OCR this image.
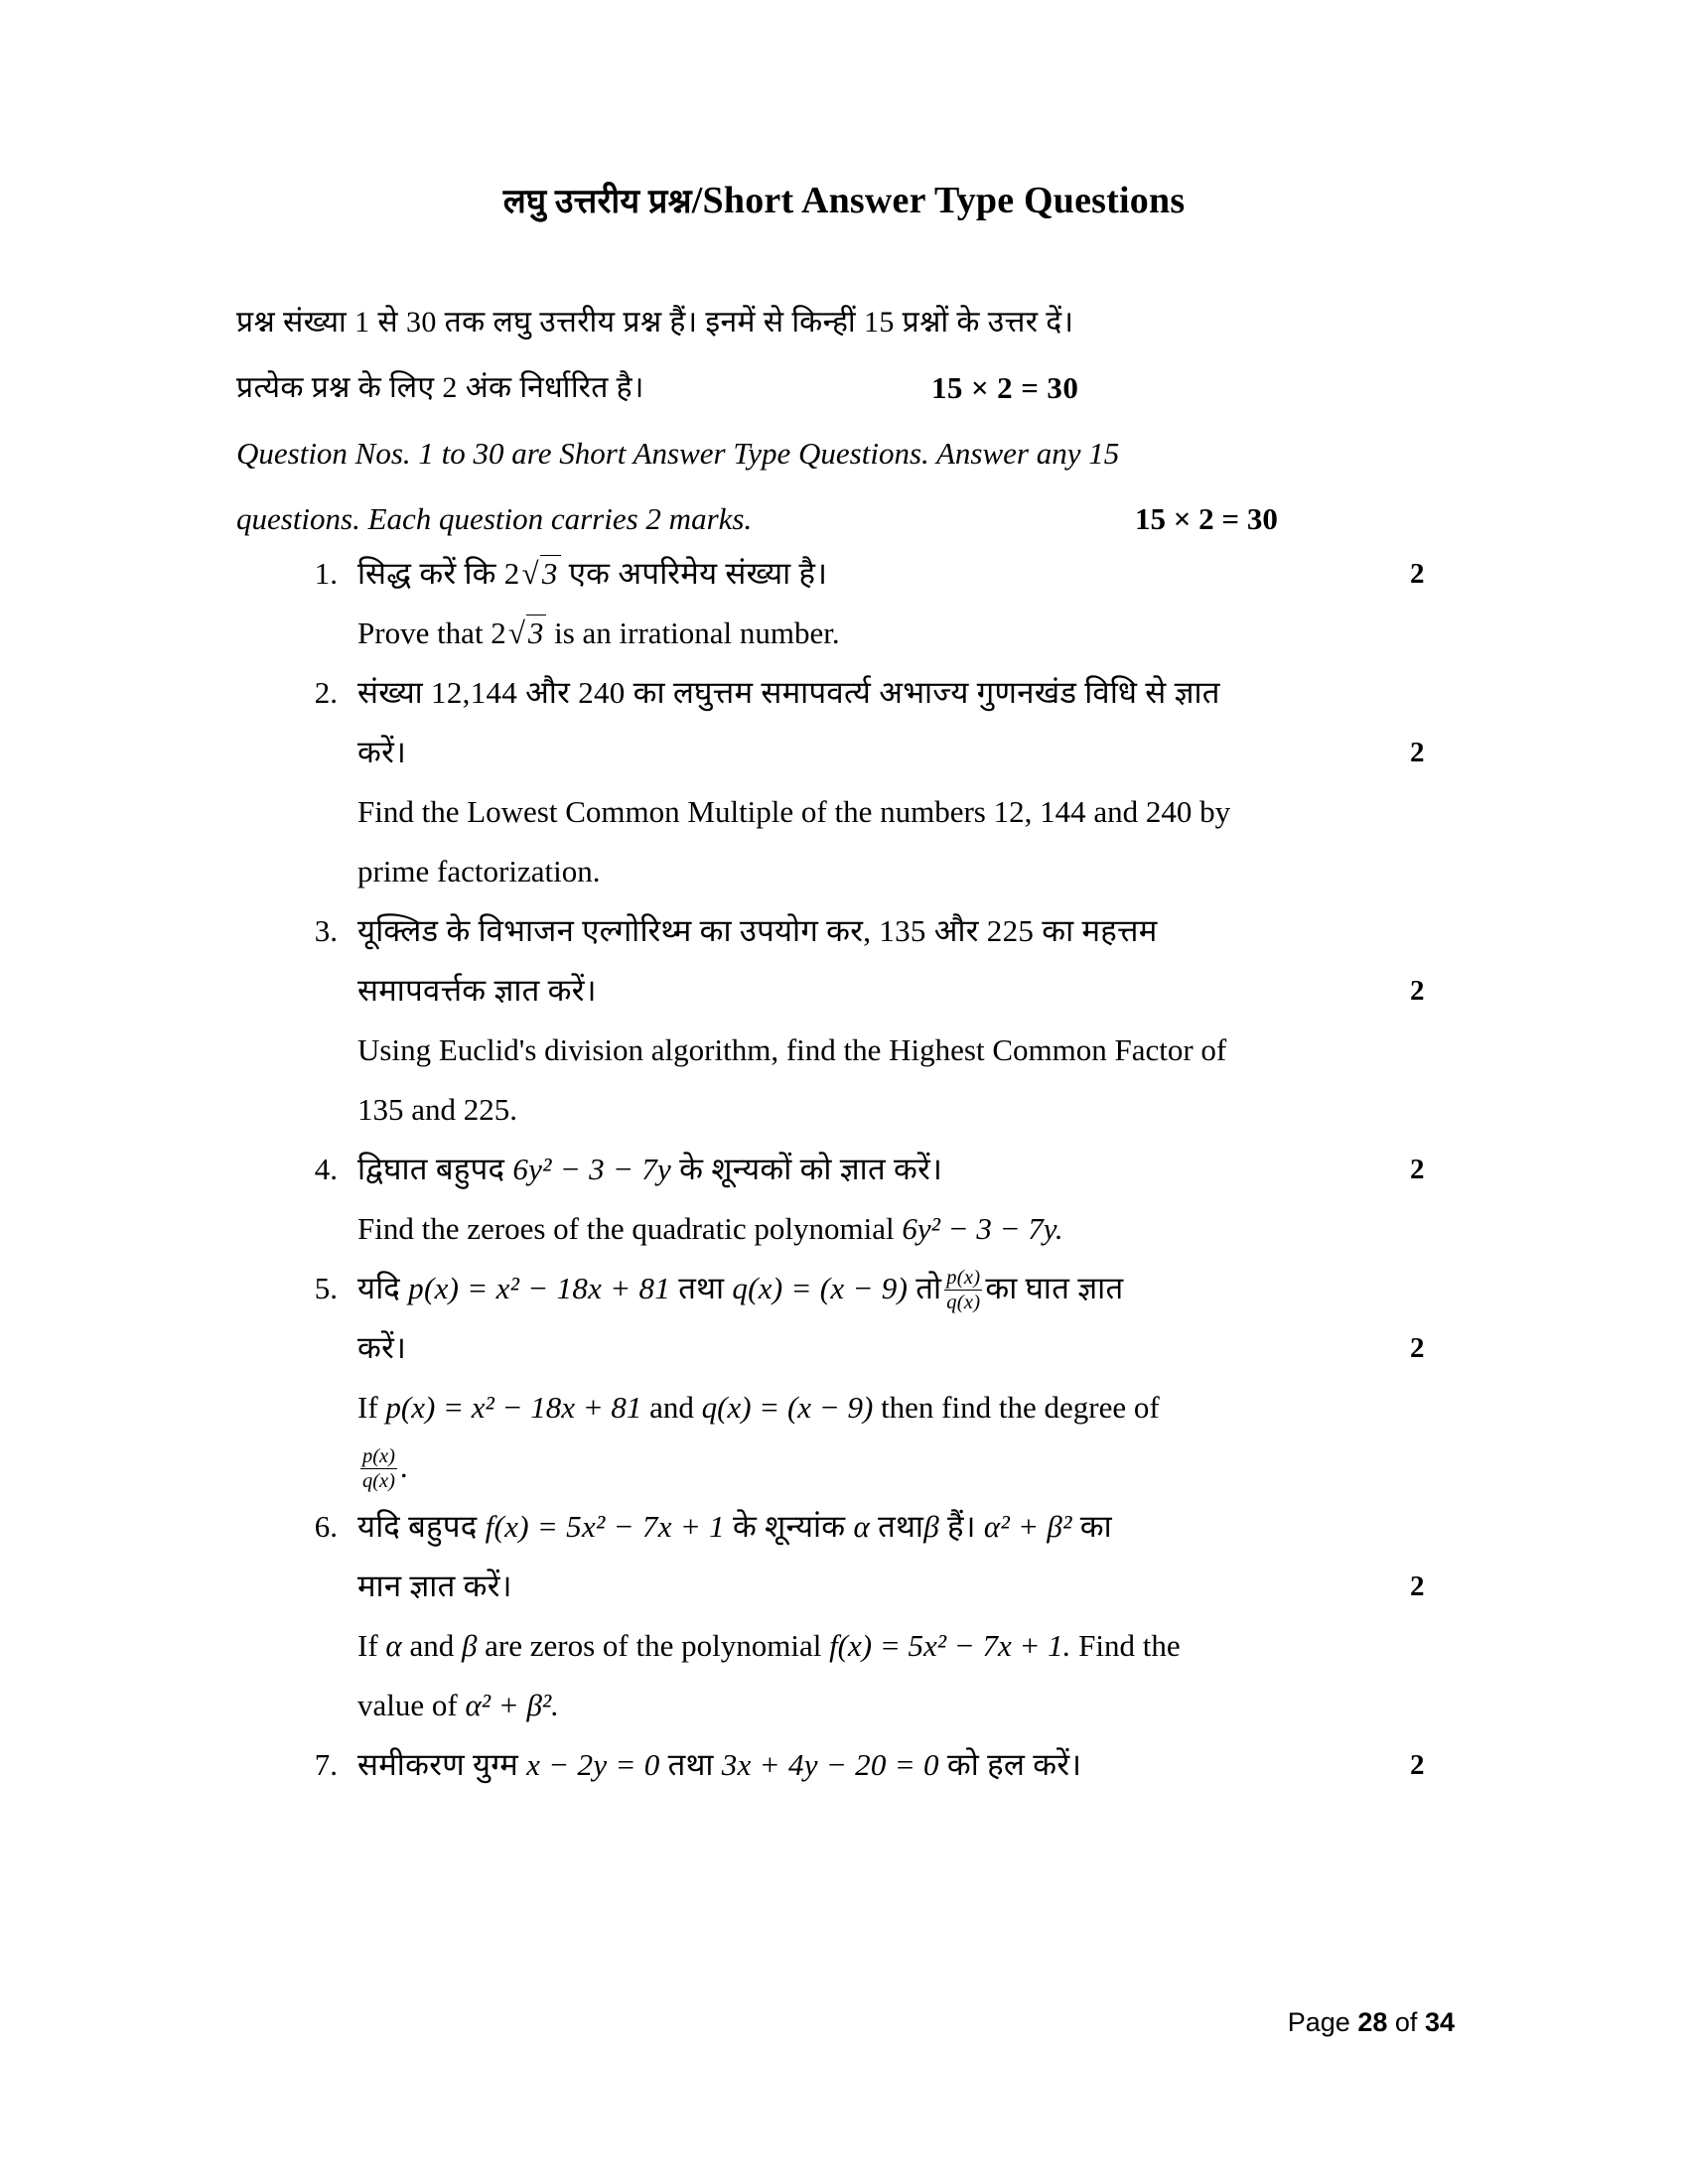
लघु उत्तरीय प्रश्न/Short Answer Type Questions
प्रश्न संख्या 1 से 30 तक लघु उत्तरीय प्रश्न हैं। इनमें से किन्हीं 15 प्रश्नों के उत्तर दें।
प्रत्येक प्रश्न के लिए 2 अंक निर्धारित है।	15 × 2 = 30
Question Nos. 1 to 30 are Short Answer Type Questions. Answer any 15
questions. Each question carries 2 marks.	15 × 2 = 30
1. सिद्ध करें कि 2√3 एक अपरिमेय संख्या है।	2
Prove that 2√3 is an irrational number.
2. संख्या 12,144 और 240 का लघुत्तम समापवर्त्य अभाज्य गुणनखंड विधि से ज्ञात
करें।	2
Find the Lowest Common Multiple of the numbers 12, 144 and 240 by
prime factorization.
3. यूक्लिड के विभाजन एल्गोरिथ्म का उपयोग कर, 135 और 225 का महत्तम
समापवर्त्तक ज्ञात करें।	2
Using Euclid's division algorithm, find the Highest Common Factor of
135 and 225.
4. द्विघात बहुपद 6y² − 3 − 7y के शून्यकों को ज्ञात करें।	2
Find the zeroes of the quadratic polynomial 6y² − 3 − 7y.
5. यदि p(x) = x² − 18x + 81 तथा q(x) = (x − 9) तो $\frac{p(x)}{q(x)}$ का घात ज्ञात
करें।	2
If p(x) = x² − 18x + 81 and q(x) = (x − 9) then find the degree of
$\frac{p(x)}{q(x)}$ .
6. यदि बहुपद f(x) = 5x² − 7x + 1 के शून्यांक α तथाβ हैं। α² + β² का
मान ज्ञात करें।	2
If α and β are zeros of the polynomial f(x) = 5x² − 7x + 1. Find the
value of α² + β².
7. समीकरण युग्म x − 2y = 0 तथा 3x + 4y − 20 = 0 को हल करें।	2
Page 28 of 34
